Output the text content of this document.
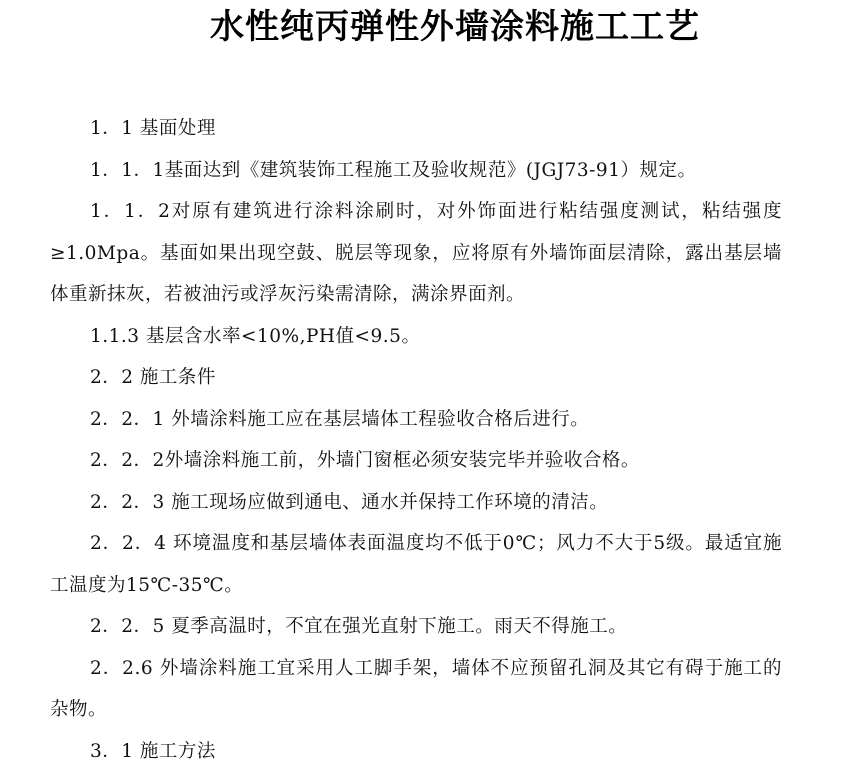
水性纯丙弹性外墙涂料施工工艺

1．1 基面处理

1．1．1基面达到《建筑装饰工程施工及验收规范》(JGJ73-91）规定。

1．1．2对原有建筑进行涂料涂刷时，对外饰面进行粘结强度测试，粘结强度≥1.0Mpa。基面如果出现空鼓、脱层等现象，应将原有外墙饰面层清除，露出基层墙体重新抹灰，若被油污或浮灰污染需清除，满涂界面剂。

1.1.3 基层含水率<10%,PH值<9.5。

2．2 施工条件

2．2．1 外墙涂料施工应在基层墙体工程验收合格后进行。

2．2．2外墙涂料施工前，外墙门窗框必须安装完毕并验收合格。

2．2．3 施工现场应做到通电、通水并保持工作环境的清洁。

2．2．4 环境温度和基层墙体表面温度均不低于0℃；风力不大于5级。最适宜施工温度为15℃-35℃。

2．2．5 夏季高温时，不宜在强光直射下施工。雨天不得施工。

2．2.6 外墙涂料施工宜采用人工脚手架，墙体不应预留孔洞及其它有碍于施工的杂物。

3．1 施工方法
